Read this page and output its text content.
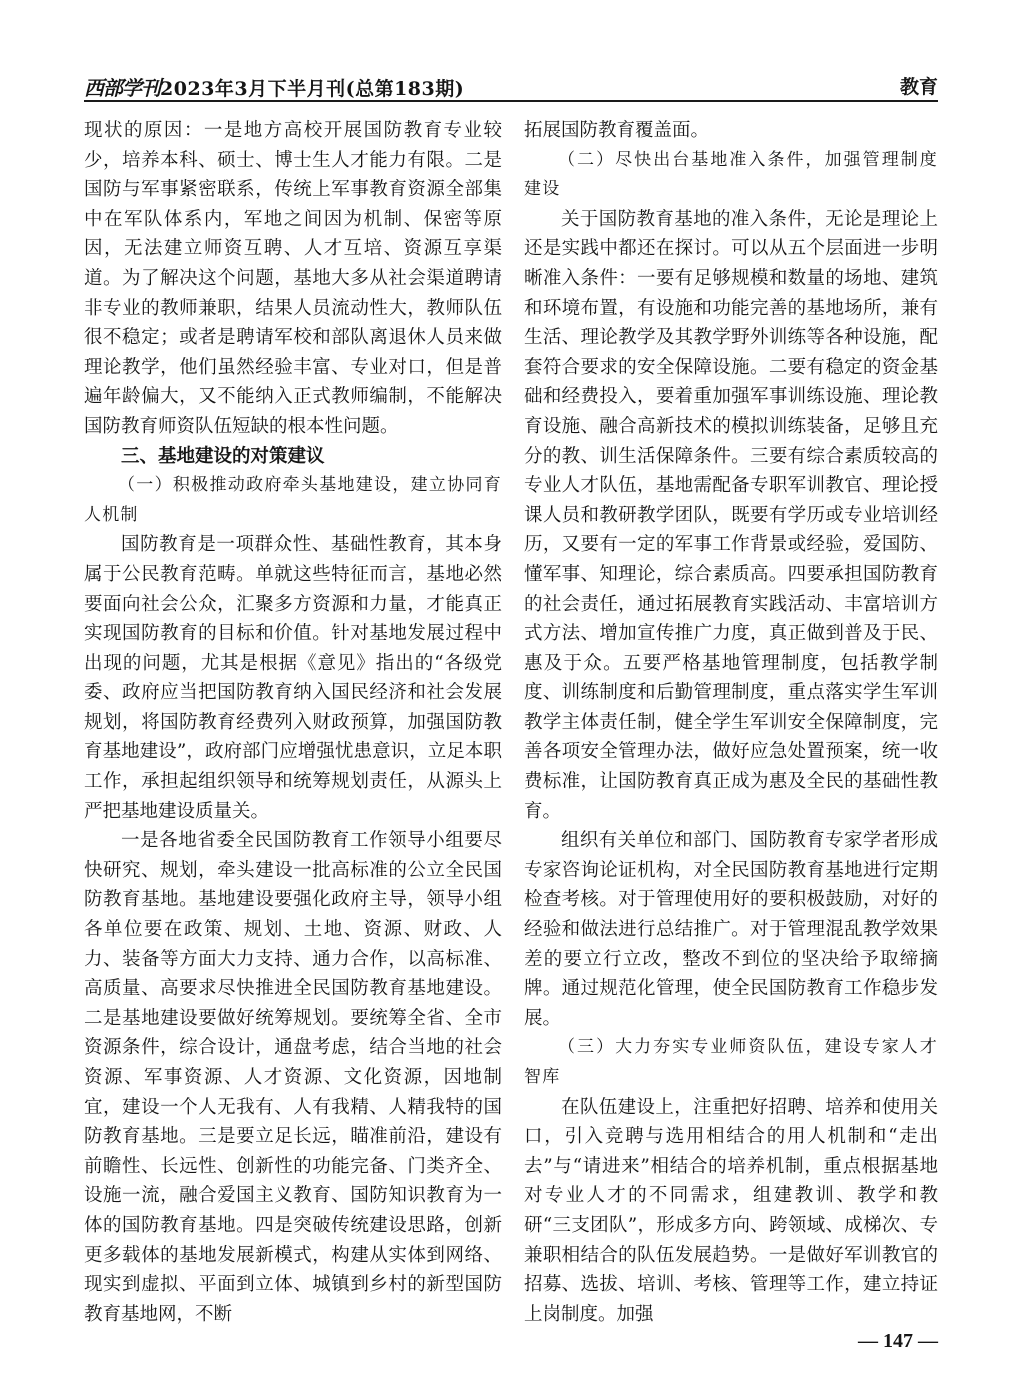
西部学刊2023年3月下半月刊(总第183期)	教育

现状的原因：一是地方高校开展国防教育专业较少，培养本科、硕士、博士生人才能力有限。二是国防与军事紧密联系，传统上军事教育资源全部集中在军队体系内，军地之间因为机制、保密等原因，无法建立师资互聘、人才互培、资源互享渠道。为了解决这个问题，基地大多从社会渠道聘请非专业的教师兼职，结果人员流动性大，教师队伍很不稳定；或者是聘请军校和部队离退休人员来做理论教学，他们虽然经验丰富、专业对口，但是普遍年龄偏大，又不能纳入正式教师编制，不能解决国防教育师资队伍短缺的根本性问题。

三、基地建设的对策建议

（一）积极推动政府牵头基地建设，建立协同育人机制

国防教育是一项群众性、基础性教育，其本身属于公民教育范畴。单就这些特征而言，基地必然要面向社会公众，汇聚多方资源和力量，才能真正实现国防教育的目标和价值。针对基地发展过程中出现的问题，尤其是根据《意见》指出的“各级党委、政府应当把国防教育纳入国民经济和社会发展规划，将国防教育经费列入财政预算，加强国防教育基地建设”，政府部门应增强忧患意识，立足本职工作，承担起组织领导和统筹规划责任，从源头上严把基地建设质量关。

一是各地省委全民国防教育工作领导小组要尽快研究、规划，牵头建设一批高标准的公立全民国防教育基地。基地建设要强化政府主导，领导小组各单位要在政策、规划、土地、资源、财政、人力、装备等方面大力支持、通力合作，以高标准、高质量、高要求尽快推进全民国防教育基地建设。二是基地建设要做好统筹规划。要统筹全省、全市资源条件，综合设计，通盘考虑，结合当地的社会资源、军事资源、人才资源、文化资源，因地制宜，建设一个人无我有、人有我精、人精我特的国防教育基地。三是要立足长远，瞄准前沿，建设有前瞻性、长远性、创新性的功能完备、门类齐全、设施一流，融合爱国主义教育、国防知识教育为一体的国防教育基地。四是突破传统建设思路，创新更多载体的基地发展新模式，构建从实体到网络、现实到虚拟、平面到立体、城镇到乡村的新型国防教育基地网，不断

拓展国防教育覆盖面。

（二）尽快出台基地准入条件，加强管理制度建设

关于国防教育基地的准入条件，无论是理论上还是实践中都还在探讨。可以从五个层面进一步明晰准入条件：一要有足够规模和数量的场地、建筑和环境布置，有设施和功能完善的基地场所，兼有生活、理论教学及其教学野外训练等各种设施，配套符合要求的安全保障设施。二要有稳定的资金基础和经费投入，要着重加强军事训练设施、理论教育设施、融合高新技术的模拟训练装备，足够且充分的教、训生活保障条件。三要有综合素质较高的专业人才队伍，基地需配备专职军训教官、理论授课人员和教研教学团队，既要有学历或专业培训经历，又要有一定的军事工作背景或经验，爱国防、懂军事、知理论，综合素质高。四要承担国防教育的社会责任，通过拓展教育实践活动、丰富培训方式方法、增加宣传推广力度，真正做到普及于民、惠及于众。五要严格基地管理制度，包括教学制度、训练制度和后勤管理制度，重点落实学生军训教学主体责任制，健全学生军训安全保障制度，完善各项安全管理办法，做好应急处置预案，统一收费标准，让国防教育真正成为惠及全民的基础性教育。

组织有关单位和部门、国防教育专家学者形成专家咨询论证机构，对全民国防教育基地进行定期检查考核。对于管理使用好的要积极鼓励，对好的经验和做法进行总结推广。对于管理混乱教学效果差的要立行立改，整改不到位的坚决给予取缔摘牌。通过规范化管理，使全民国防教育工作稳步发展。

（三）大力夯实专业师资队伍，建设专家人才智库

在队伍建设上，注重把好招聘、培养和使用关口，引入竞聘与选用相结合的用人机制和“走出去”与“请进来”相结合的培养机制，重点根据基地对专业人才的不同需求，组建教训、教学和教研“三支团队”，形成多方向、跨领域、成梯次、专兼职相结合的队伍发展趋势。一是做好军训教官的招募、选拔、培训、考核、管理等工作，建立持证上岗制度。加强

— 147 —
